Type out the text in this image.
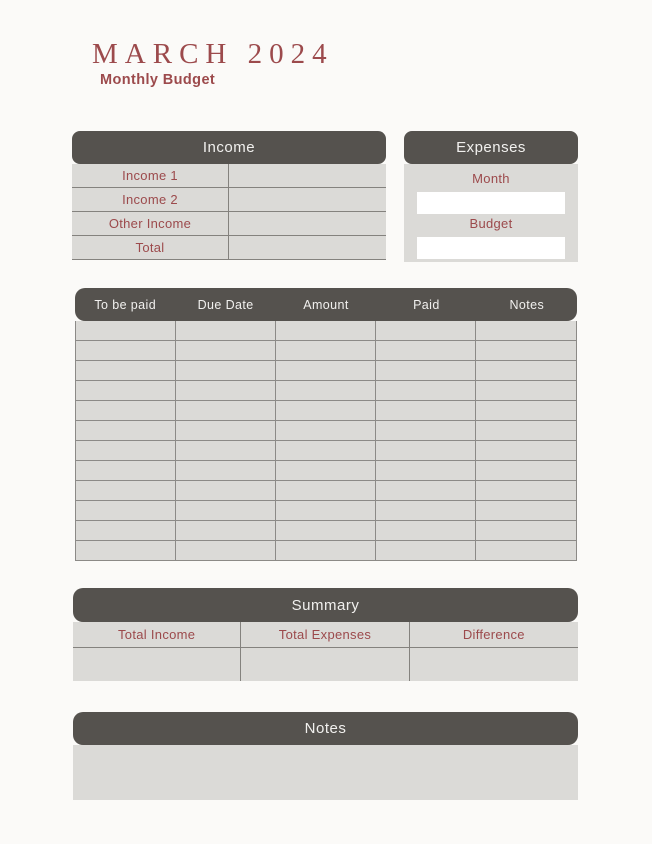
MARCH 2024
Monthly Budget
Income
Income 1
Income 2
Other Income
Total
Expenses
Month
Budget
To be paid	Due Date	Amount	Paid	Notes
Summary
Total Income	Total Expenses	Difference
Notes
